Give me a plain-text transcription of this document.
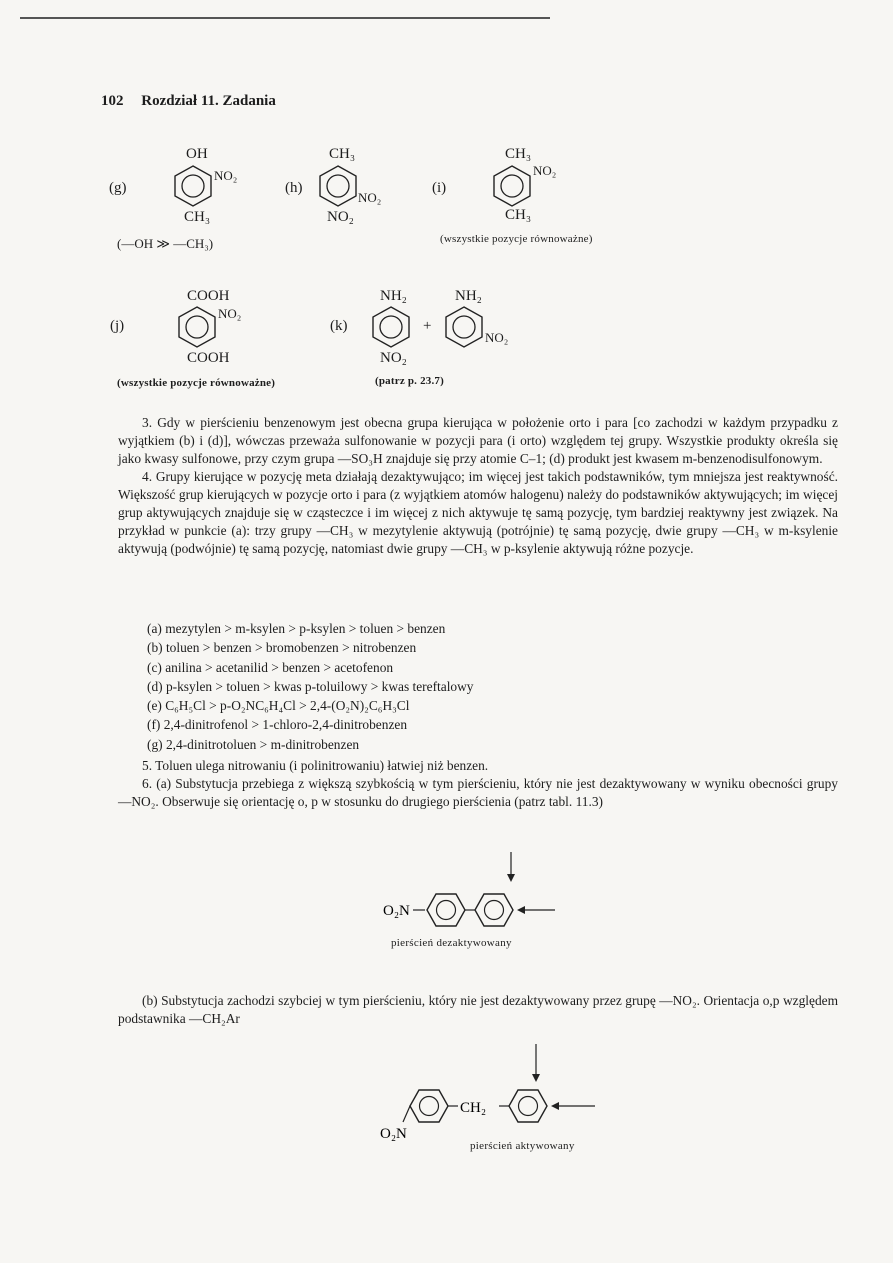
102 Rozdział 11. Zadania
(g)
OH
NO₂
CH₃
(—OH ≫ —CH₃)
(h)
CH₃
NO₂
NO₂
(i)
CH₃
NO₂
CH₃
(wszystkie pozycje równoważne)
(j)
COOH
NO₂
COOH
(wszystkie pozycje równoważne)
(k)
NH₂
NO₂
+
NH₂
NO₂
(patrz p. 23.7)

3. Gdy w pierścieniu benzenowym jest obecna grupa kierująca w położenie orto i para [co zachodzi w każdym przypadku z wyjątkiem (b) i (d)], wówczas przeważa sulfonowanie w pozycji para (i orto) względem tej grupy. Wszystkie produkty określa się jako kwasy sulfonowe, przy czym grupa —SO₃H znajduje się przy atomie C–1; (d) produkt jest kwasem m-benzenodisulfonowym.

4. Grupy kierujące w pozycję meta działają dezaktywująco; im więcej jest takich podstawników, tym mniejsza jest reaktywność. Większość grup kierujących w pozycje orto i para (z wyjątkiem atomów halogenu) należy do podstawników aktywujących; im więcej grup aktywujących znajduje się w cząsteczce i im więcej z nich aktywuje tę samą pozycję, tym bardziej reaktywny jest związek. Na przykład w punkcie (a): trzy grupy —CH₃ w mezytylenie aktywują (potrójnie) tę samą pozycję, dwie grupy —CH₃ w m-ksylenie aktywują (podwójnie) tę samą pozycję, natomiast dwie grupy —CH₃ w p-ksylenie aktywują różne pozycje.

(a) mezytylen > m-ksylen > p-ksylen > toluen > benzen
(b) toluen > benzen > bromobenzen > nitrobenzen
(c) anilina > acetanilid > benzen > acetofenon
(d) p-ksylen > toluen > kwas p-toluilowy > kwas tereftalowy
(e) C₆H₅Cl > p-O₂NC₆H₄Cl > 2,4-(O₂N)₂C₆H₃Cl
(f) 2,4-dinitrofenol > 1-chloro-2,4-dinitrobenzen
(g) 2,4-dinitrotoluen > m-dinitrobenzen

5. Toluen ulega nitrowaniu (i polinitrowaniu) łatwiej niż benzen.

6. (a) Substytucja przebiega z większą szybkością w tym pierścieniu, który nie jest dezaktywowany w wyniku obecności grupy —NO₂. Obserwuje się orientację o, p w stosunku do drugiego pierścienia (patrz tabl. 11.3)

O₂N
pierścień dezaktywowany

(b) Substytucja zachodzi szybciej w tym pierścieniu, który nie jest dezaktywowany przez grupę —NO₂. Orientacja o,p względem podstawnika —CH₂Ar

CH₂
O₂N
pierścień aktywowany
